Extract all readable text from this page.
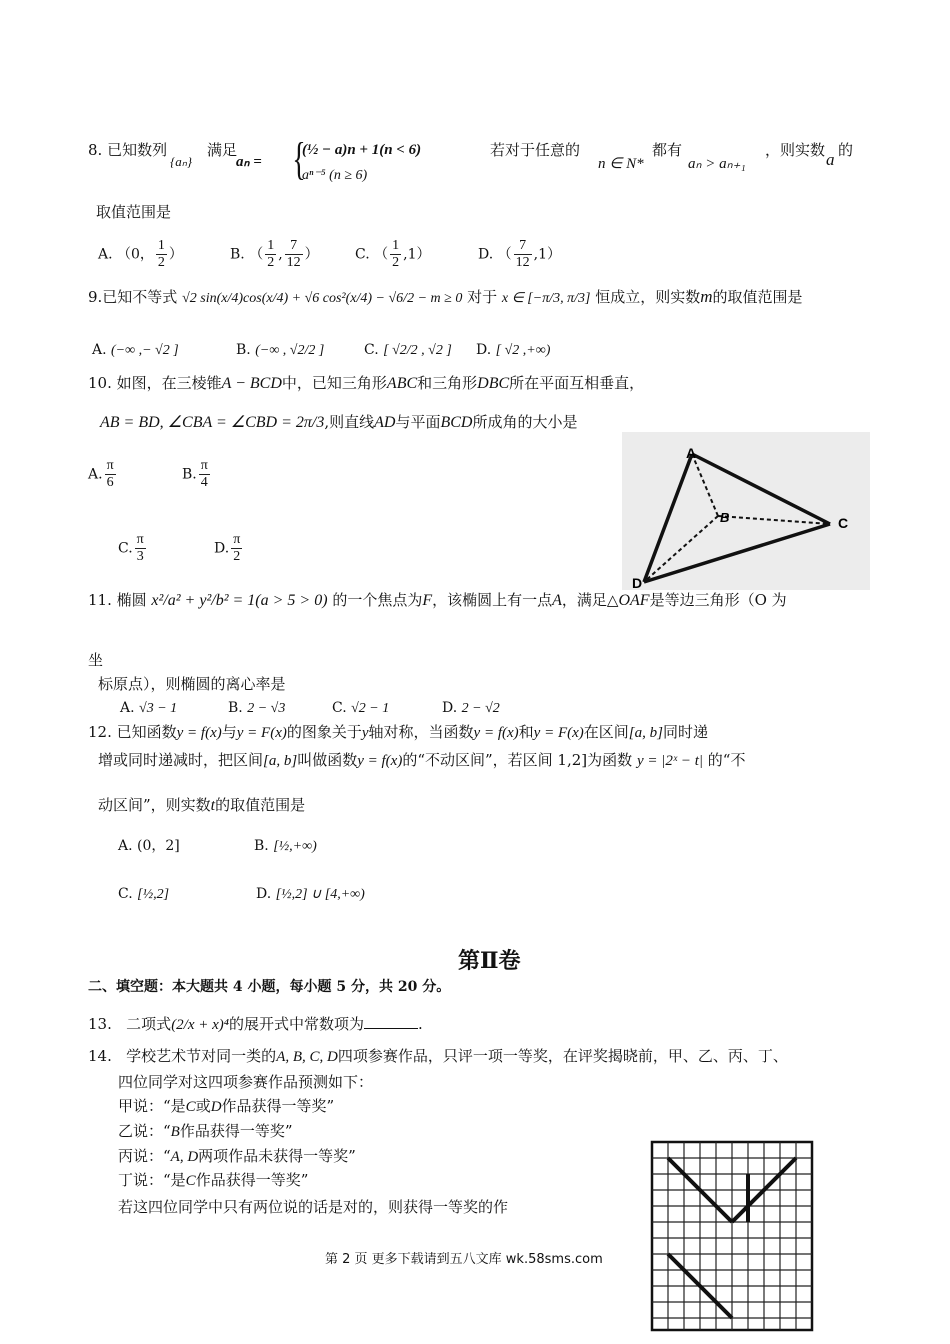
8. 已知数列
{aₙ}
满足
aₙ = {
(½ − a)n + 1(n < 6)
aⁿ⁻⁵ (n ≥ 6)
若对于任意的
n ∈ N*
都有
aₙ > aₙ₊₁
，则实数 a 的
取值范围是
A. （0， $\frac{1}{2}$ ）	B. （ $\frac{1}{2}$ , $\frac{7}{12}$ ）	C. （ $\frac{1}{2} ,1$）	D. （ $\frac{7}{12} ,1$）
9.已知不等式 √2 sin(x/4)cos(x/4) + √6 cos²(x/4) − √6/2 − m ≥ 0 对于 x ∈ [−π/3, π/3] 恒成立，则实数m的取值范围是
A. (−∞ ,− √2 ]	B. (−∞ , √2/2 ]	C. [ √2/2 , √2 ] D. [ √2 ,+∞)
10. 如图，在三棱锥A − BCD中，已知三角形ABC和三角形DBC所在平面互相垂直，
AB = BD, ∠CBA = ∠CBD = 2π/3,则直线AD与平面BCD所成角的大小是
A. $\frac{\pi}{6}$	B. $\frac{\pi}{4}$
C. $\frac{\pi}{3}$	D. $\frac{\pi}{2}$
A
B	C
D
11. 椭圆 x²/a² + y²/b² = 1(a > 5 > 0) 的一个焦点为F，该椭圆上有一点A，满足△OAF是等边三角形（O 为
坐
标原点），则椭圆的离心率是
A. √3 − 1	B. 2 − √3	C. √2 − 1	D. 2 − √2
12. 已知函数y = f(x)与y = F(x)的图象关于y轴对称，当函数y = f(x)和y = F(x)在区间[a, b]同时递
增或同时递减时，把区间[a, b]叫做函数y = f(x)的“不动区间”，若区间 1,2]为函数 y = |2ˣ − t| 的“不
动区间”，则实数t的取值范围是
A. (0，2]	B. [½,+∞)
C. [½,2]	D. [½,2] ∪ [4,+∞)
第Ⅱ卷
二、填空题：本大题共 4 小题，每小题 5 分，共 20 分。
13. 二项式(2/x + x)⁴的展开式中常数项为	.
14. 学校艺术节对同一类的A, B, C, D四项参赛作品，只评一项一等奖，在评奖揭晓前，甲、乙、丙、丁、
四位同学对这四项参赛作品预测如下：
甲说：“是C或D作品获得一等奖”
乙说：“B作品获得一等奖”
丙说：“A, D两项作品未获得一等奖”
丁说：“是C作品获得一等奖”
若这四位同学中只有两位说的话是对的，则获得一等奖的作
第 2 页 更多下载请到五八文库 wk.58sms.com
